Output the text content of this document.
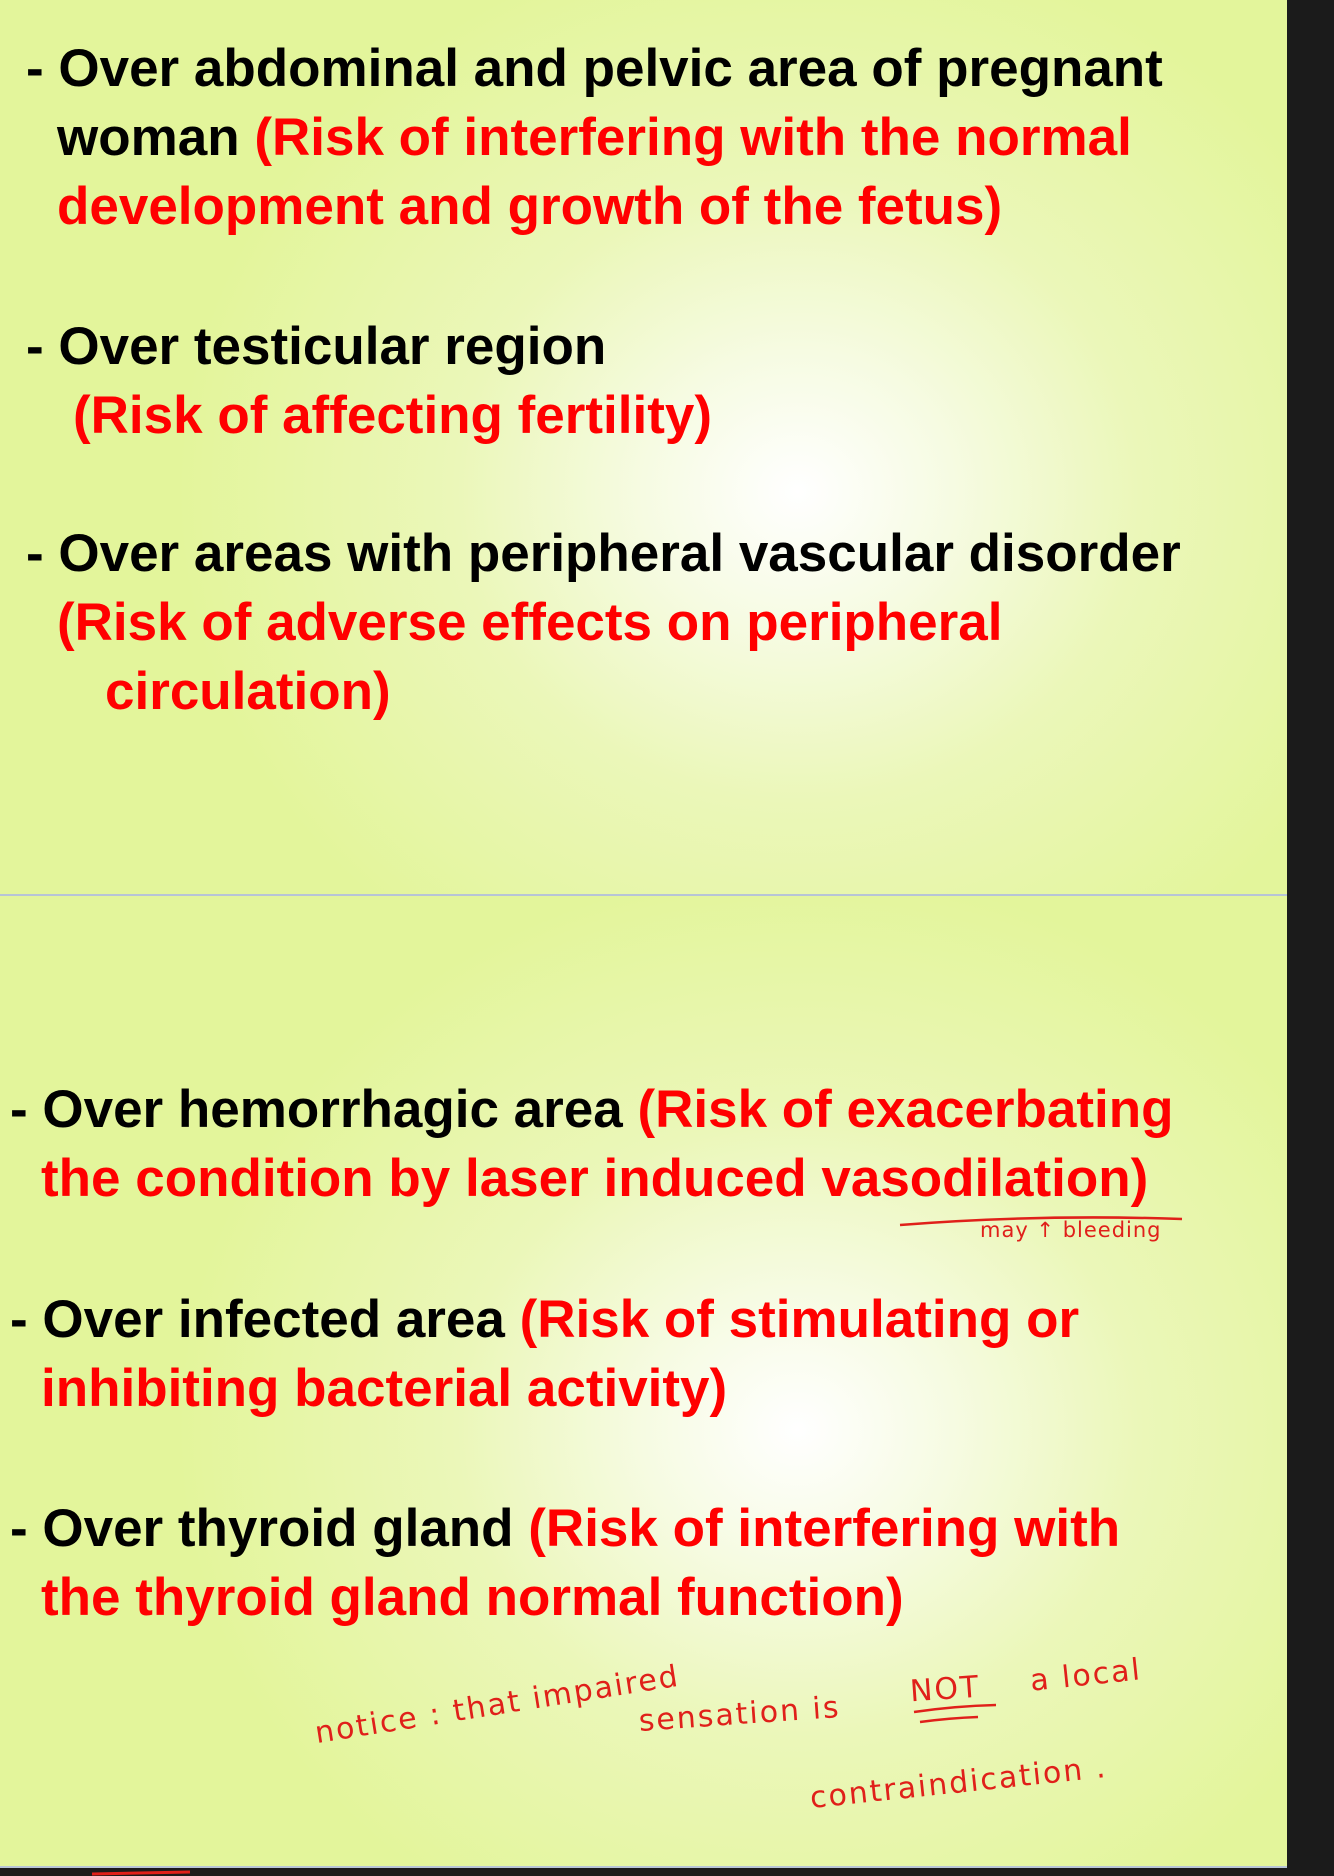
- Over abdominal and pelvic area of pregnant
woman (Risk of interfering with the normal
development and growth of the fetus)
- Over testicular region
(Risk of affecting fertility)
- Over areas with peripheral vascular disorder
(Risk of adverse effects on peripheral
circulation)
- Over hemorrhagic area (Risk of exacerbating
the condition by laser induced vasodilation)
may ↑ bleeding
- Over infected area (Risk of stimulating or
inhibiting bacterial activity)
- Over thyroid gland (Risk of interfering with
the thyroid gland normal function)
notice : that impaired
sensation is
NOT a local
contraindication .
